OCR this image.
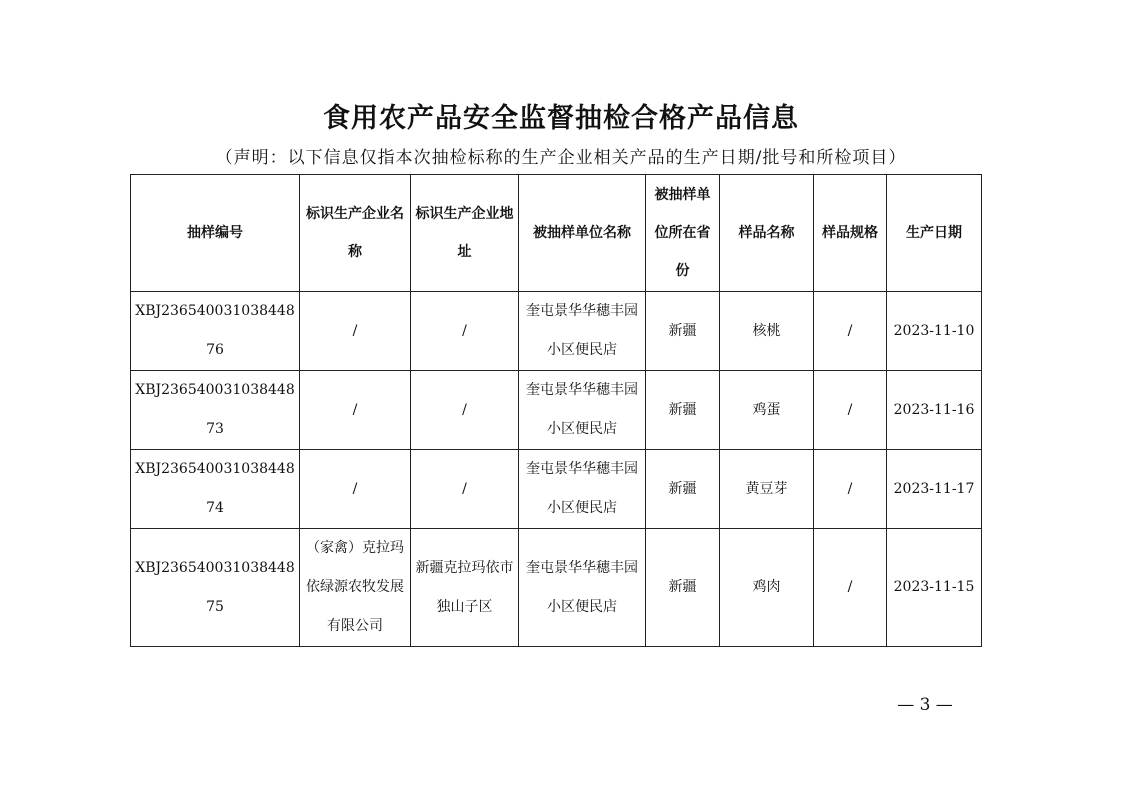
食用农产品安全监督抽检合格产品信息
（声明：以下信息仅指本次抽检标称的生产企业相关产品的生产日期/批号和所检项目）
抽样编号	标识生产企业名称	标识生产企业地址	被抽样单位名称	被抽样单位所在省份	样品名称	样品规格	生产日期
XBJ23654003103844876	/	/	奎屯景华华穗丰园小区便民店	新疆	核桃	/	2023-11-10
XBJ23654003103844873	/	/	奎屯景华华穗丰园小区便民店	新疆	鸡蛋	/	2023-11-16
XBJ23654003103844874	/	/	奎屯景华华穗丰园小区便民店	新疆	黄豆芽	/	2023-11-17
XBJ23654003103844875	（家禽）克拉玛依绿源农牧发展有限公司	新疆克拉玛依市独山子区	奎屯景华华穗丰园小区便民店	新疆	鸡肉	/	2023-11-15
— 3 —
